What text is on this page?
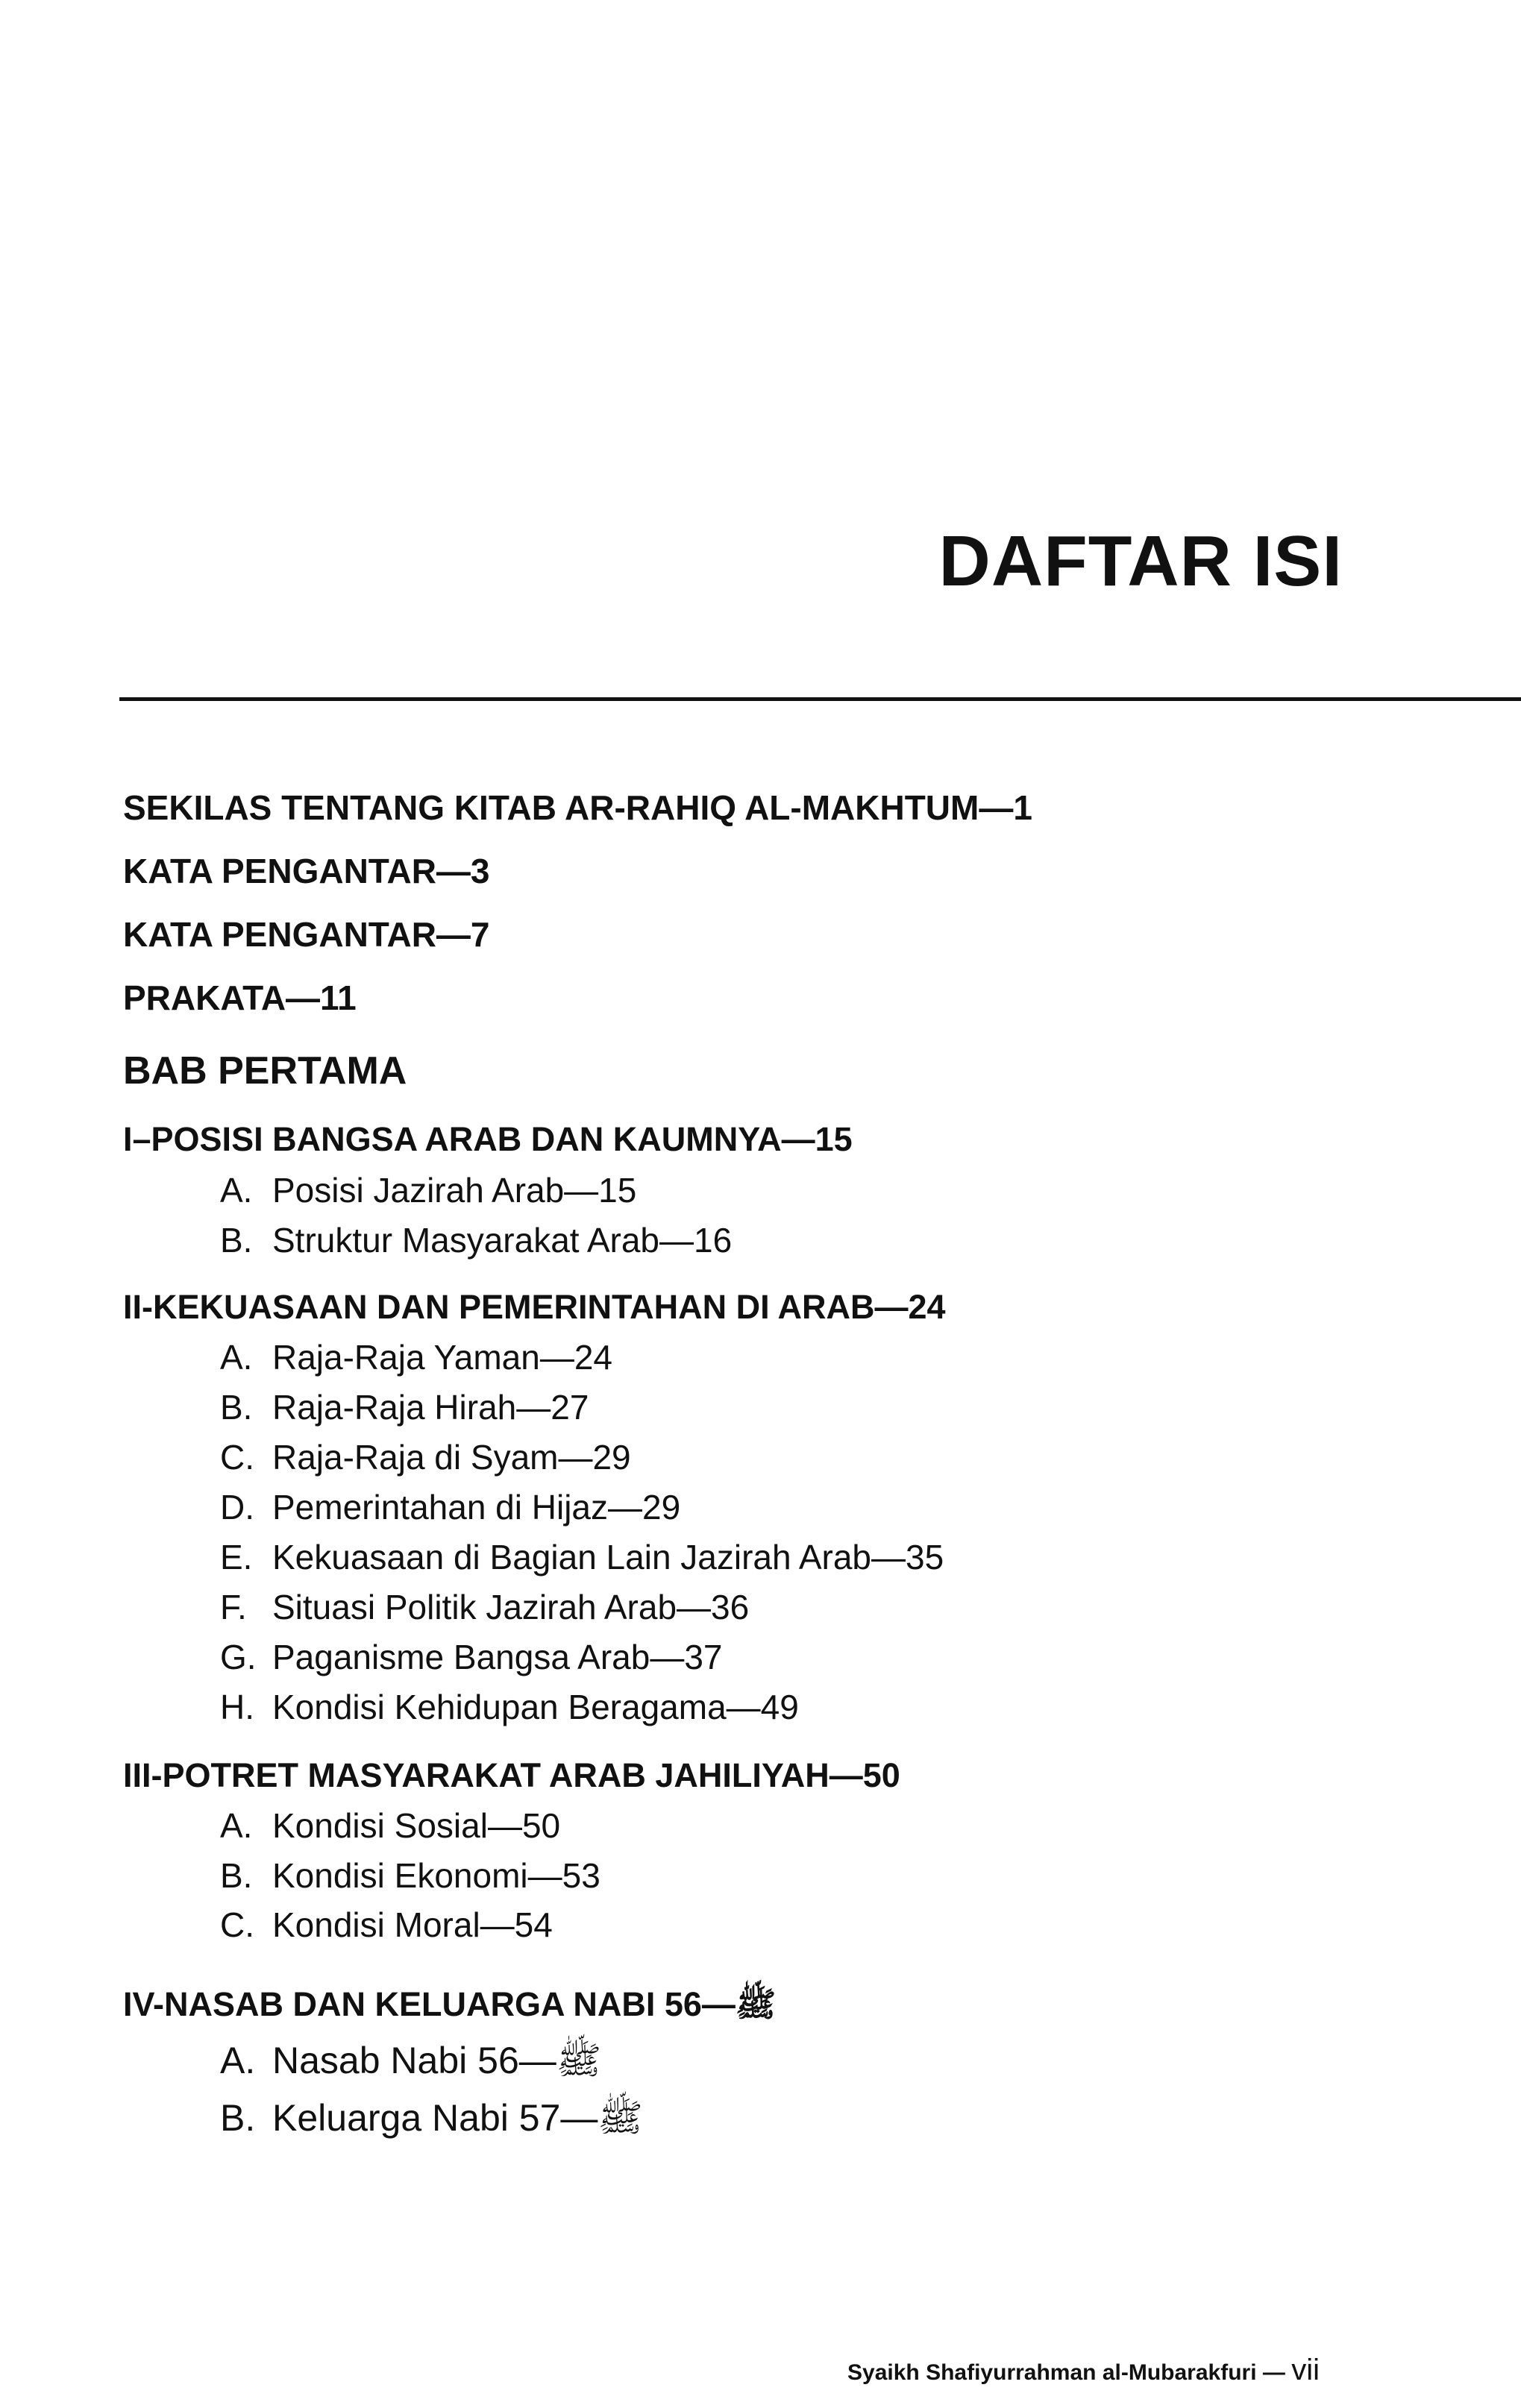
DAFTAR ISI
SEKILAS TENTANG KITAB AR-RAHIQ AL-MAKHTUM—1
KATA PENGANTAR—3
KATA PENGANTAR—7
PRAKATA—11
BAB PERTAMA
I–POSISI BANGSA ARAB DAN KAUMNYA—15
A. Posisi Jazirah Arab—15
B. Struktur Masyarakat Arab—16
II-KEKUASAAN DAN PEMERINTAHAN DI ARAB—24
A. Raja-Raja Yaman—24
B. Raja-Raja Hirah—27
C. Raja-Raja di Syam—29
D. Pemerintahan di Hijaz—29
E. Kekuasaan di Bagian Lain Jazirah Arab—35
F. Situasi Politik Jazirah Arab—36
G. Paganisme Bangsa Arab—37
H. Kondisi Kehidupan Beragama—49
III-POTRET MASYARAKAT ARAB JAHILIYAH—50
A. Kondisi Sosial—50
B. Kondisi Ekonomi—53
C. Kondisi Moral—54
IV-NASAB DAN KELUARGA NABI ﷺ—56
A. Nasab Nabi ﷺ—56
B. Keluarga Nabi ﷺ—57
Syaikh Shafiyurrahman al-Mubarakfuri — vii
